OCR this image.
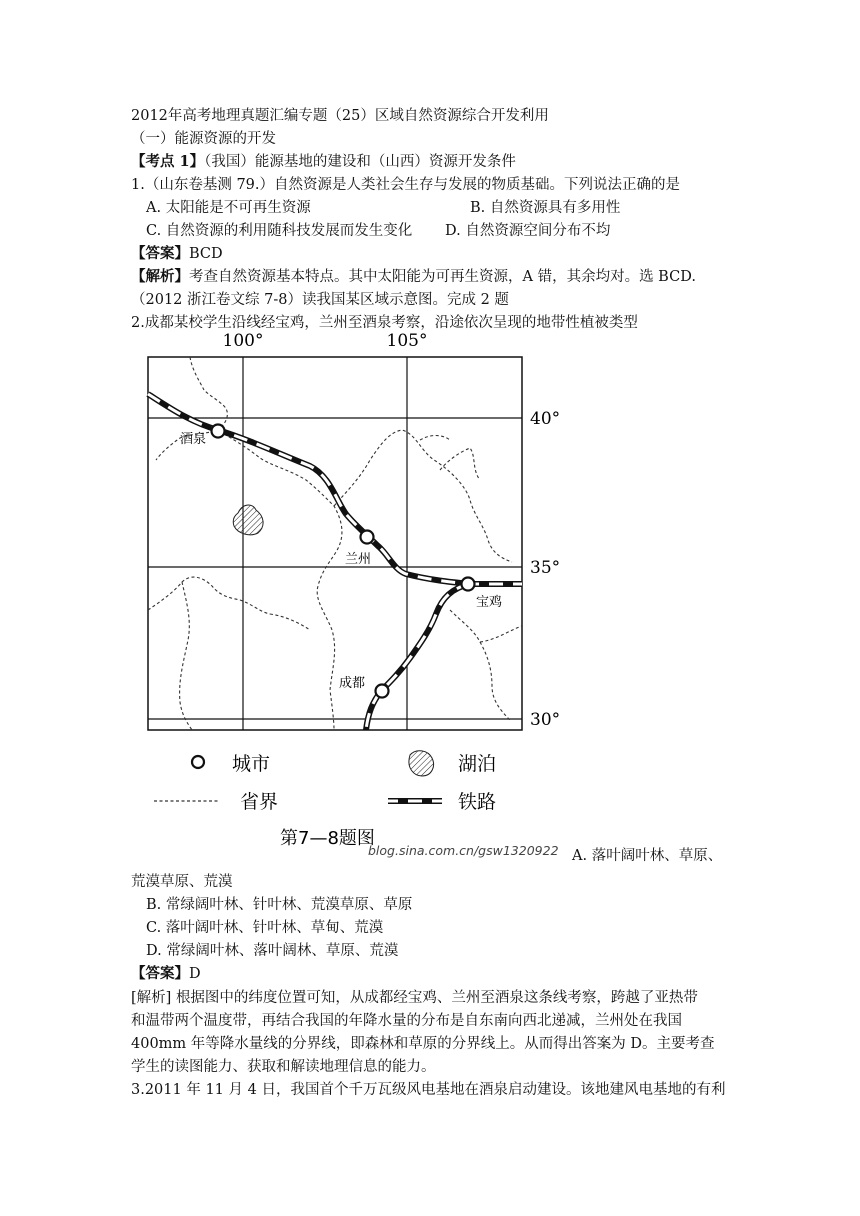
2012年高考地理真题汇编专题（25）区域自然资源综合开发利用
（一）能源资源的开发
【考点 1】（我国）能源基地的建设和（山西）资源开发条件
1.（山东卷基测 79.）自然资源是人类社会生存与发展的物质基础。下列说法正确的是
A. 太阳能是不可再生资源	B. 自然资源具有多用性
C. 自然资源的利用随科技发展而发生变化 D. 自然资源空间分布不均
【答案】BCD
【解析】考查自然资源基本特点。其中太阳能为可再生资源，A 错，其余均对。选 BCD.
（2012 浙江卷文综 7-8）读我国某区域示意图。完成 2 题
2.成都某校学生沿线经宝鸡，兰州至酒泉考察，沿途依次呈现的地带性植被类型
100°	105°
40°
35°
30°
酒泉
兰州
宝鸡
成都
城市	湖泊
省界	铁路
第7—8题图
blog.sina.com.cn/gsw1320922 A. 落叶阔叶林、草原、
荒漠草原、荒漠
B. 常绿阔叶林、针叶林、荒漠草原、草原
C. 落叶阔叶林、针叶林、草甸、荒漠
D. 常绿阔叶林、落叶阔林、草原、荒漠
【答案】D
[解析] 根据图中的纬度位置可知，从成都经宝鸡、兰州至酒泉这条线考察，跨越了亚热带
和温带两个温度带，再结合我国的年降水量的分布是自东南向西北递减，兰州处在我国
400mm 年等降水量线的分界线，即森林和草原的分界线上。从而得出答案为 D。主要考查
学生的读图能力、获取和解读地理信息的能力。
3.2011 年 11 月 4 日，我国首个千万瓦级风电基地在酒泉启动建设。该地建风电基地的有利
